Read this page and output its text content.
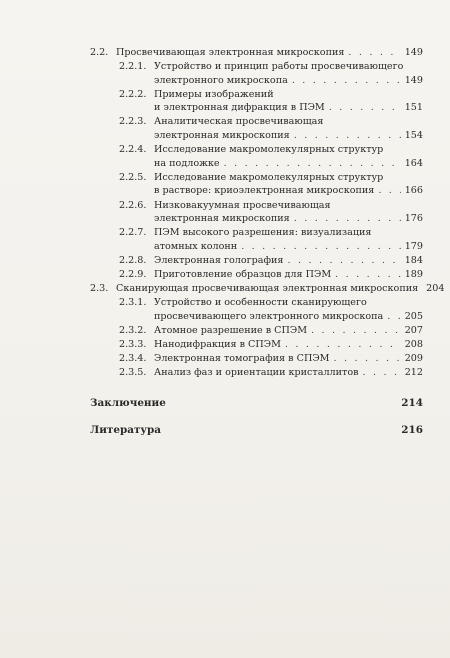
2.2. Просвечивающая электронная микроскопия . . .	149
2.2.1. Устройство и принцип работы просвечивающего
электронного микроскопа . . .	149
2.2.2. Примеры изображений
и электронная дифракция в ПЭМ . . .	151
2.2.3. Аналитическая просвечивающая
электронная микроскопия . . .	154
2.2.4. Исследование макромолекулярных структур
на подложке . . .	164
2.2.5. Исследование макромолекулярных структур
в растворе: криоэлектронная микроскопия . . .	166
2.2.6. Низковакуумная просвечивающая
электронная микроскопия . . .	176
2.2.7. ПЭМ высокого разрешения: визуализация
атомных колонн . . .	179
2.2.8. Электронная голография . . .	184
2.2.9. Приготовление образцов для ПЭМ . . .	189
2.3. Сканирующая просвечивающая электронная микроскопия 204
2.3.1. Устройство и особенности сканирующего
просвечивающего электронного микроскопа . . . 205
2.3.2. Атомное разрешение в СПЭМ . . .	207
2.3.3. Нанодифракция в СПЭМ . . .	208
2.3.4. Электронная томография в СПЭМ . . .	209
2.3.5. Анализ фаз и ориентации кристаллитов . . .	212
Заключение	214
Литература	216
